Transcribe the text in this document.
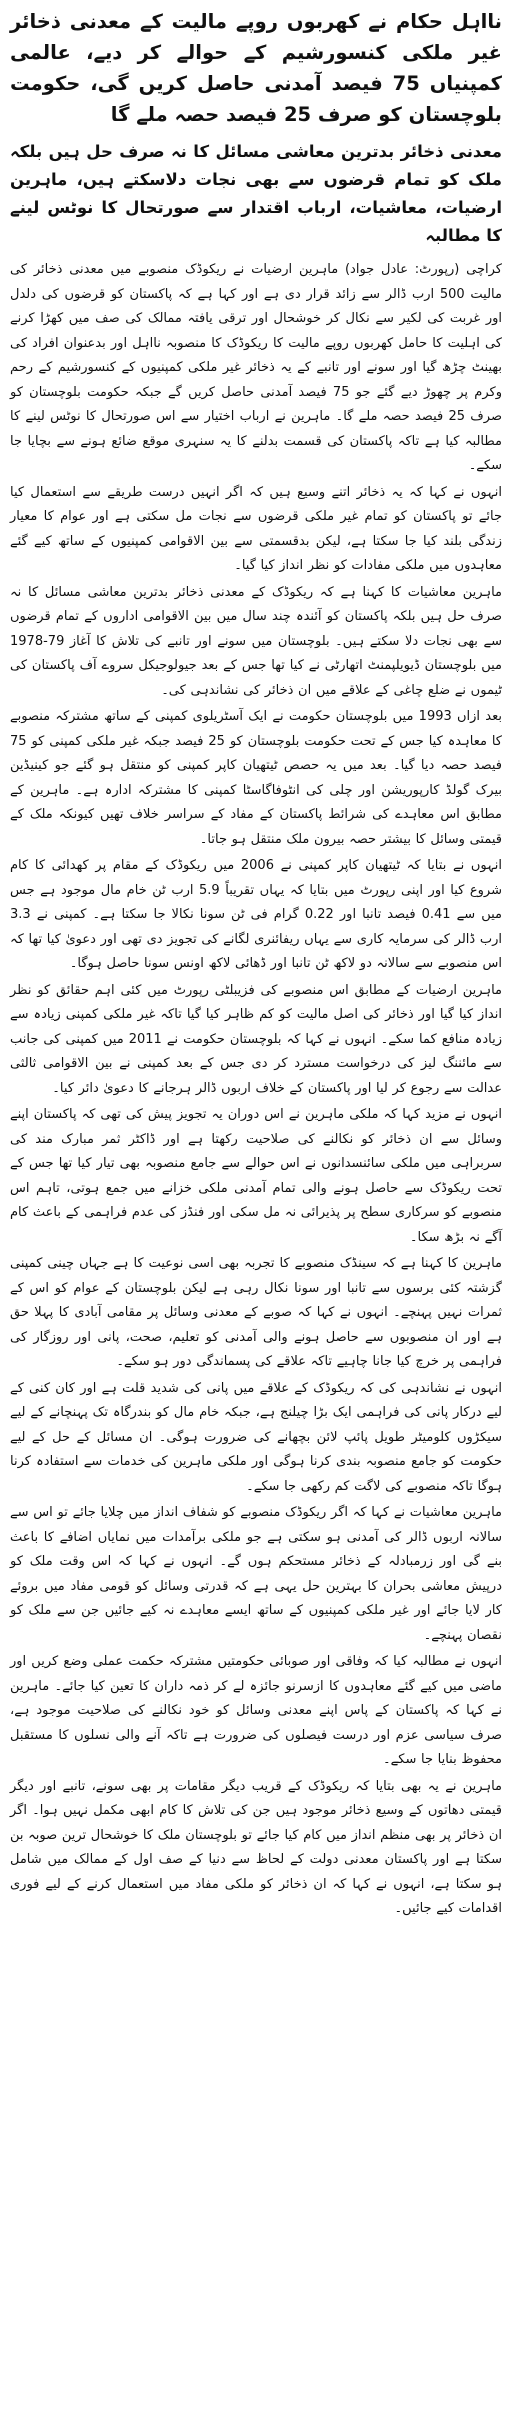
نااہل حکام نے کھربوں روپے مالیت کے معدنی ذخائر غیر ملکی کنسورشیم کے حوالے کر دیے، عالمی کمپنیاں 75 فیصد آمدنی حاصل کریں گی، حکومت بلوچستان کو صرف 25 فیصد حصہ ملے گا
معدنی ذخائر بدترین معاشی مسائل کا نہ صرف حل ہیں بلکہ ملک کو تمام قرضوں سے بھی نجات دلاسکتے ہیں، ماہرین ارضیات، معاشیات، ارباب اقتدار سے صورتحال کا نوٹس لینے کا مطالبہ

کراچی (رپورٹ: عادل جواد) ماہرین ارضیات نے ریکوڈک منصوبے میں معدنی ذخائر کی مالیت 500 ارب ڈالر سے زائد قرار دی ہے اور کہا ہے کہ پاکستان کو قرضوں کی دلدل اور غربت کی لکیر سے نکال کر خوشحال اور ترقی یافتہ ممالک کی صف میں کھڑا کرنے کی اہلیت کا حامل کھربوں روپے مالیت کا ریکوڈک کا منصوبہ نااہل اور بدعنوان افراد کی بھینٹ چڑھ گیا اور سونے اور تانبے کے یہ ذخائر غیر ملکی کمپنیوں کے کنسورشیم کے رحم وکرم پر چھوڑ دیے گئے جو 75 فیصد آمدنی حاصل کریں گے جبکہ حکومت بلوچستان کو صرف 25 فیصد حصہ ملے گا۔ ماہرین نے ارباب اختیار سے اس صورتحال کا نوٹس لینے کا مطالبہ کیا ہے تاکہ پاکستان کی قسمت بدلنے کا یہ سنہری موقع ضائع ہونے سے بچایا جا سکے۔

انہوں نے کہا کہ یہ ذخائر اتنے وسیع ہیں کہ اگر انہیں درست طریقے سے استعمال کیا جائے تو پاکستان کو تمام غیر ملکی قرضوں سے نجات مل سکتی ہے اور عوام کا معیار زندگی بلند کیا جا سکتا ہے، لیکن بدقسمتی سے بین الاقوامی کمپنیوں کے ساتھ کیے گئے معاہدوں میں ملکی مفادات کو نظر انداز کیا گیا۔

ماہرین معاشیات کا کہنا ہے کہ ریکوڈک کے معدنی ذخائر بدترین معاشی مسائل کا نہ صرف حل ہیں بلکہ پاکستان کو آئندہ چند سال میں بین الاقوامی اداروں کے تمام قرضوں سے بھی نجات دلا سکتے ہیں۔ بلوچستان میں سونے اور تانبے کی تلاش کا آغاز 79-1978 میں بلوچستان ڈیویلپمنٹ اتھارٹی نے کیا تھا جس کے بعد جیولوجیکل سروے آف پاکستان کی ٹیموں نے ضلع چاغی کے علاقے میں ان ذخائر کی نشاندہی کی۔

بعد ازاں 1993 میں بلوچستان حکومت نے ایک آسٹریلوی کمپنی کے ساتھ مشترکہ منصوبے کا معاہدہ کیا جس کے تحت حکومت بلوچستان کو 25 فیصد جبکہ غیر ملکی کمپنی کو 75 فیصد حصہ دیا گیا۔ بعد میں یہ حصص ٹیتھیان کاپر کمپنی کو منتقل ہو گئے جو کینیڈین بیرک گولڈ کارپوریشن اور چلی کی انٹوفاگاسٹا کمپنی کا مشترکہ ادارہ ہے۔ ماہرین کے مطابق اس معاہدے کی شرائط پاکستان کے مفاد کے سراسر خلاف تھیں کیونکہ ملک کے قیمتی وسائل کا بیشتر حصہ بیرون ملک منتقل ہو جاتا۔

انہوں نے بتایا کہ ٹیتھیان کاپر کمپنی نے 2006 میں ریکوڈک کے مقام پر کھدائی کا کام شروع کیا اور اپنی رپورٹ میں بتایا کہ یہاں تقریباً 5.9 ارب ٹن خام مال موجود ہے جس میں سے 0.41 فیصد تانبا اور 0.22 گرام فی ٹن سونا نکالا جا سکتا ہے۔ کمپنی نے 3.3 ارب ڈالر کی سرمایہ کاری سے یہاں ریفائنری لگانے کی تجویز دی تھی اور دعویٰ کیا تھا کہ اس منصوبے سے سالانہ دو لاکھ ٹن تانبا اور ڈھائی لاکھ اونس سونا حاصل ہوگا۔

ماہرین ارضیات کے مطابق اس منصوبے کی فزیبلٹی رپورٹ میں کئی اہم حقائق کو نظر انداز کیا گیا اور ذخائر کی اصل مالیت کو کم ظاہر کیا گیا تاکہ غیر ملکی کمپنی زیادہ سے زیادہ منافع کما سکے۔ انہوں نے کہا کہ بلوچستان حکومت نے 2011 میں کمپنی کی جانب سے مائننگ لیز کی درخواست مسترد کر دی جس کے بعد کمپنی نے بین الاقوامی ثالثی عدالت سے رجوع کر لیا اور پاکستان کے خلاف اربوں ڈالر ہرجانے کا دعویٰ دائر کیا۔

انہوں نے مزید کہا کہ ملکی ماہرین نے اس دوران یہ تجویز پیش کی تھی کہ پاکستان اپنے وسائل سے ان ذخائر کو نکالنے کی صلاحیت رکھتا ہے اور ڈاکٹر ثمر مبارک مند کی سربراہی میں ملکی سائنسدانوں نے اس حوالے سے جامع منصوبہ بھی تیار کیا تھا جس کے تحت ریکوڈک سے حاصل ہونے والی تمام آمدنی ملکی خزانے میں جمع ہوتی، تاہم اس منصوبے کو سرکاری سطح پر پذیرائی نہ مل سکی اور فنڈز کی عدم فراہمی کے باعث کام آگے نہ بڑھ سکا۔

ماہرین کا کہنا ہے کہ سینڈک منصوبے کا تجربہ بھی اسی نوعیت کا ہے جہاں چینی کمپنی گزشتہ کئی برسوں سے تانبا اور سونا نکال رہی ہے لیکن بلوچستان کے عوام کو اس کے ثمرات نہیں پہنچے۔ انہوں نے کہا کہ صوبے کے معدنی وسائل پر مقامی آبادی کا پہلا حق ہے اور ان منصوبوں سے حاصل ہونے والی آمدنی کو تعلیم، صحت، پانی اور روزگار کی فراہمی پر خرچ کیا جانا چاہیے تاکہ علاقے کی پسماندگی دور ہو سکے۔

انہوں نے نشاندہی کی کہ ریکوڈک کے علاقے میں پانی کی شدید قلت ہے اور کان کنی کے لیے درکار پانی کی فراہمی ایک بڑا چیلنج ہے، جبکہ خام مال کو بندرگاہ تک پہنچانے کے لیے سیکڑوں کلومیٹر طویل پائپ لائن بچھانے کی ضرورت ہوگی۔ ان مسائل کے حل کے لیے حکومت کو جامع منصوبہ بندی کرنا ہوگی اور ملکی ماہرین کی خدمات سے استفادہ کرنا ہوگا تاکہ منصوبے کی لاگت کم رکھی جا سکے۔

ماہرین معاشیات نے کہا کہ اگر ریکوڈک منصوبے کو شفاف انداز میں چلایا جائے تو اس سے سالانہ اربوں ڈالر کی آمدنی ہو سکتی ہے جو ملکی برآمدات میں نمایاں اضافے کا باعث بنے گی اور زرمبادلہ کے ذخائر مستحکم ہوں گے۔ انہوں نے کہا کہ اس وقت ملک کو درپیش معاشی بحران کا بہترین حل یہی ہے کہ قدرتی وسائل کو قومی مفاد میں بروئے کار لایا جائے اور غیر ملکی کمپنیوں کے ساتھ ایسے معاہدے نہ کیے جائیں جن سے ملک کو نقصان پہنچے۔

انہوں نے مطالبہ کیا کہ وفاقی اور صوبائی حکومتیں مشترکہ حکمت عملی وضع کریں اور ماضی میں کیے گئے معاہدوں کا ازسرنو جائزہ لے کر ذمہ داران کا تعین کیا جائے۔ ماہرین نے کہا کہ پاکستان کے پاس اپنے معدنی وسائل کو خود نکالنے کی صلاحیت موجود ہے، صرف سیاسی عزم اور درست فیصلوں کی ضرورت ہے تاکہ آنے والی نسلوں کا مستقبل محفوظ بنایا جا سکے۔

ماہرین نے یہ بھی بتایا کہ ریکوڈک کے قریب دیگر مقامات پر بھی سونے، تانبے اور دیگر قیمتی دھاتوں کے وسیع ذخائر موجود ہیں جن کی تلاش کا کام ابھی مکمل نہیں ہوا۔ اگر ان ذخائر پر بھی منظم انداز میں کام کیا جائے تو بلوچستان ملک کا خوشحال ترین صوبہ بن سکتا ہے اور پاکستان معدنی دولت کے لحاظ سے دنیا کے صف اول کے ممالک میں شامل ہو سکتا ہے، انہوں نے کہا کہ ان ذخائر کو ملکی مفاد میں استعمال کرنے کے لیے فوری اقدامات کیے جائیں۔
